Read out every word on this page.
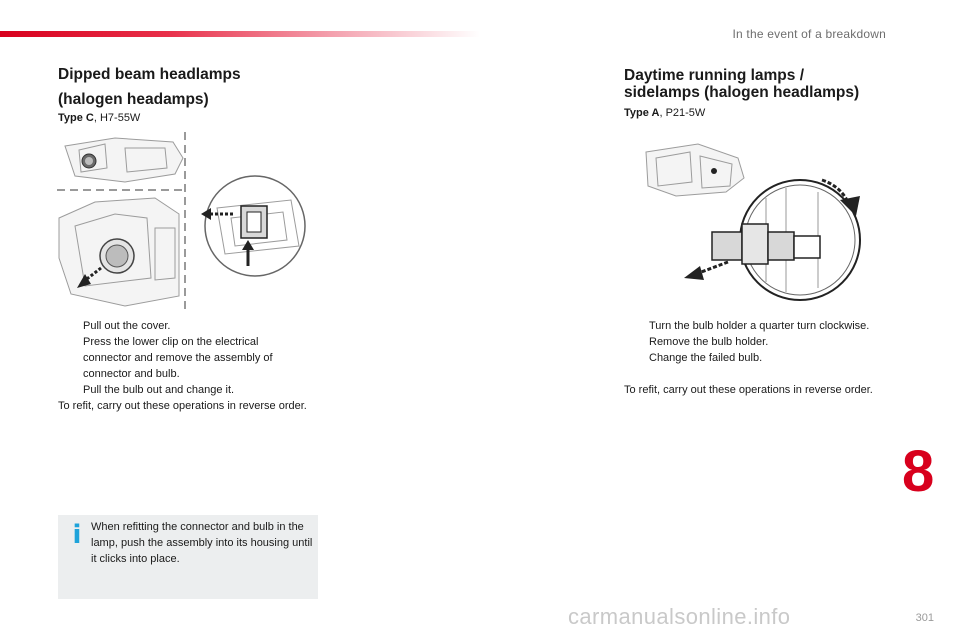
In the event of a breakdown
Dipped beam headlamps
(halogen headamps)
Type C, H7-55W
Pull out the cover.
Press the lower clip on the electrical connector and remove the assembly of connector and bulb.
Pull the bulb out and change it.
To refit, carry out these operations in reverse order.
i When refitting the connector and bulb in the lamp, push the assembly into its housing until it clicks into place.
Daytime running lamps /
sidelamps (halogen headlamps)
Type A, P21-5W
Turn the bulb holder a quarter turn clockwise.
Remove the bulb holder.
Change the failed bulb.
To refit, carry out these operations in reverse order.
8
carmanualsonline.info	301
